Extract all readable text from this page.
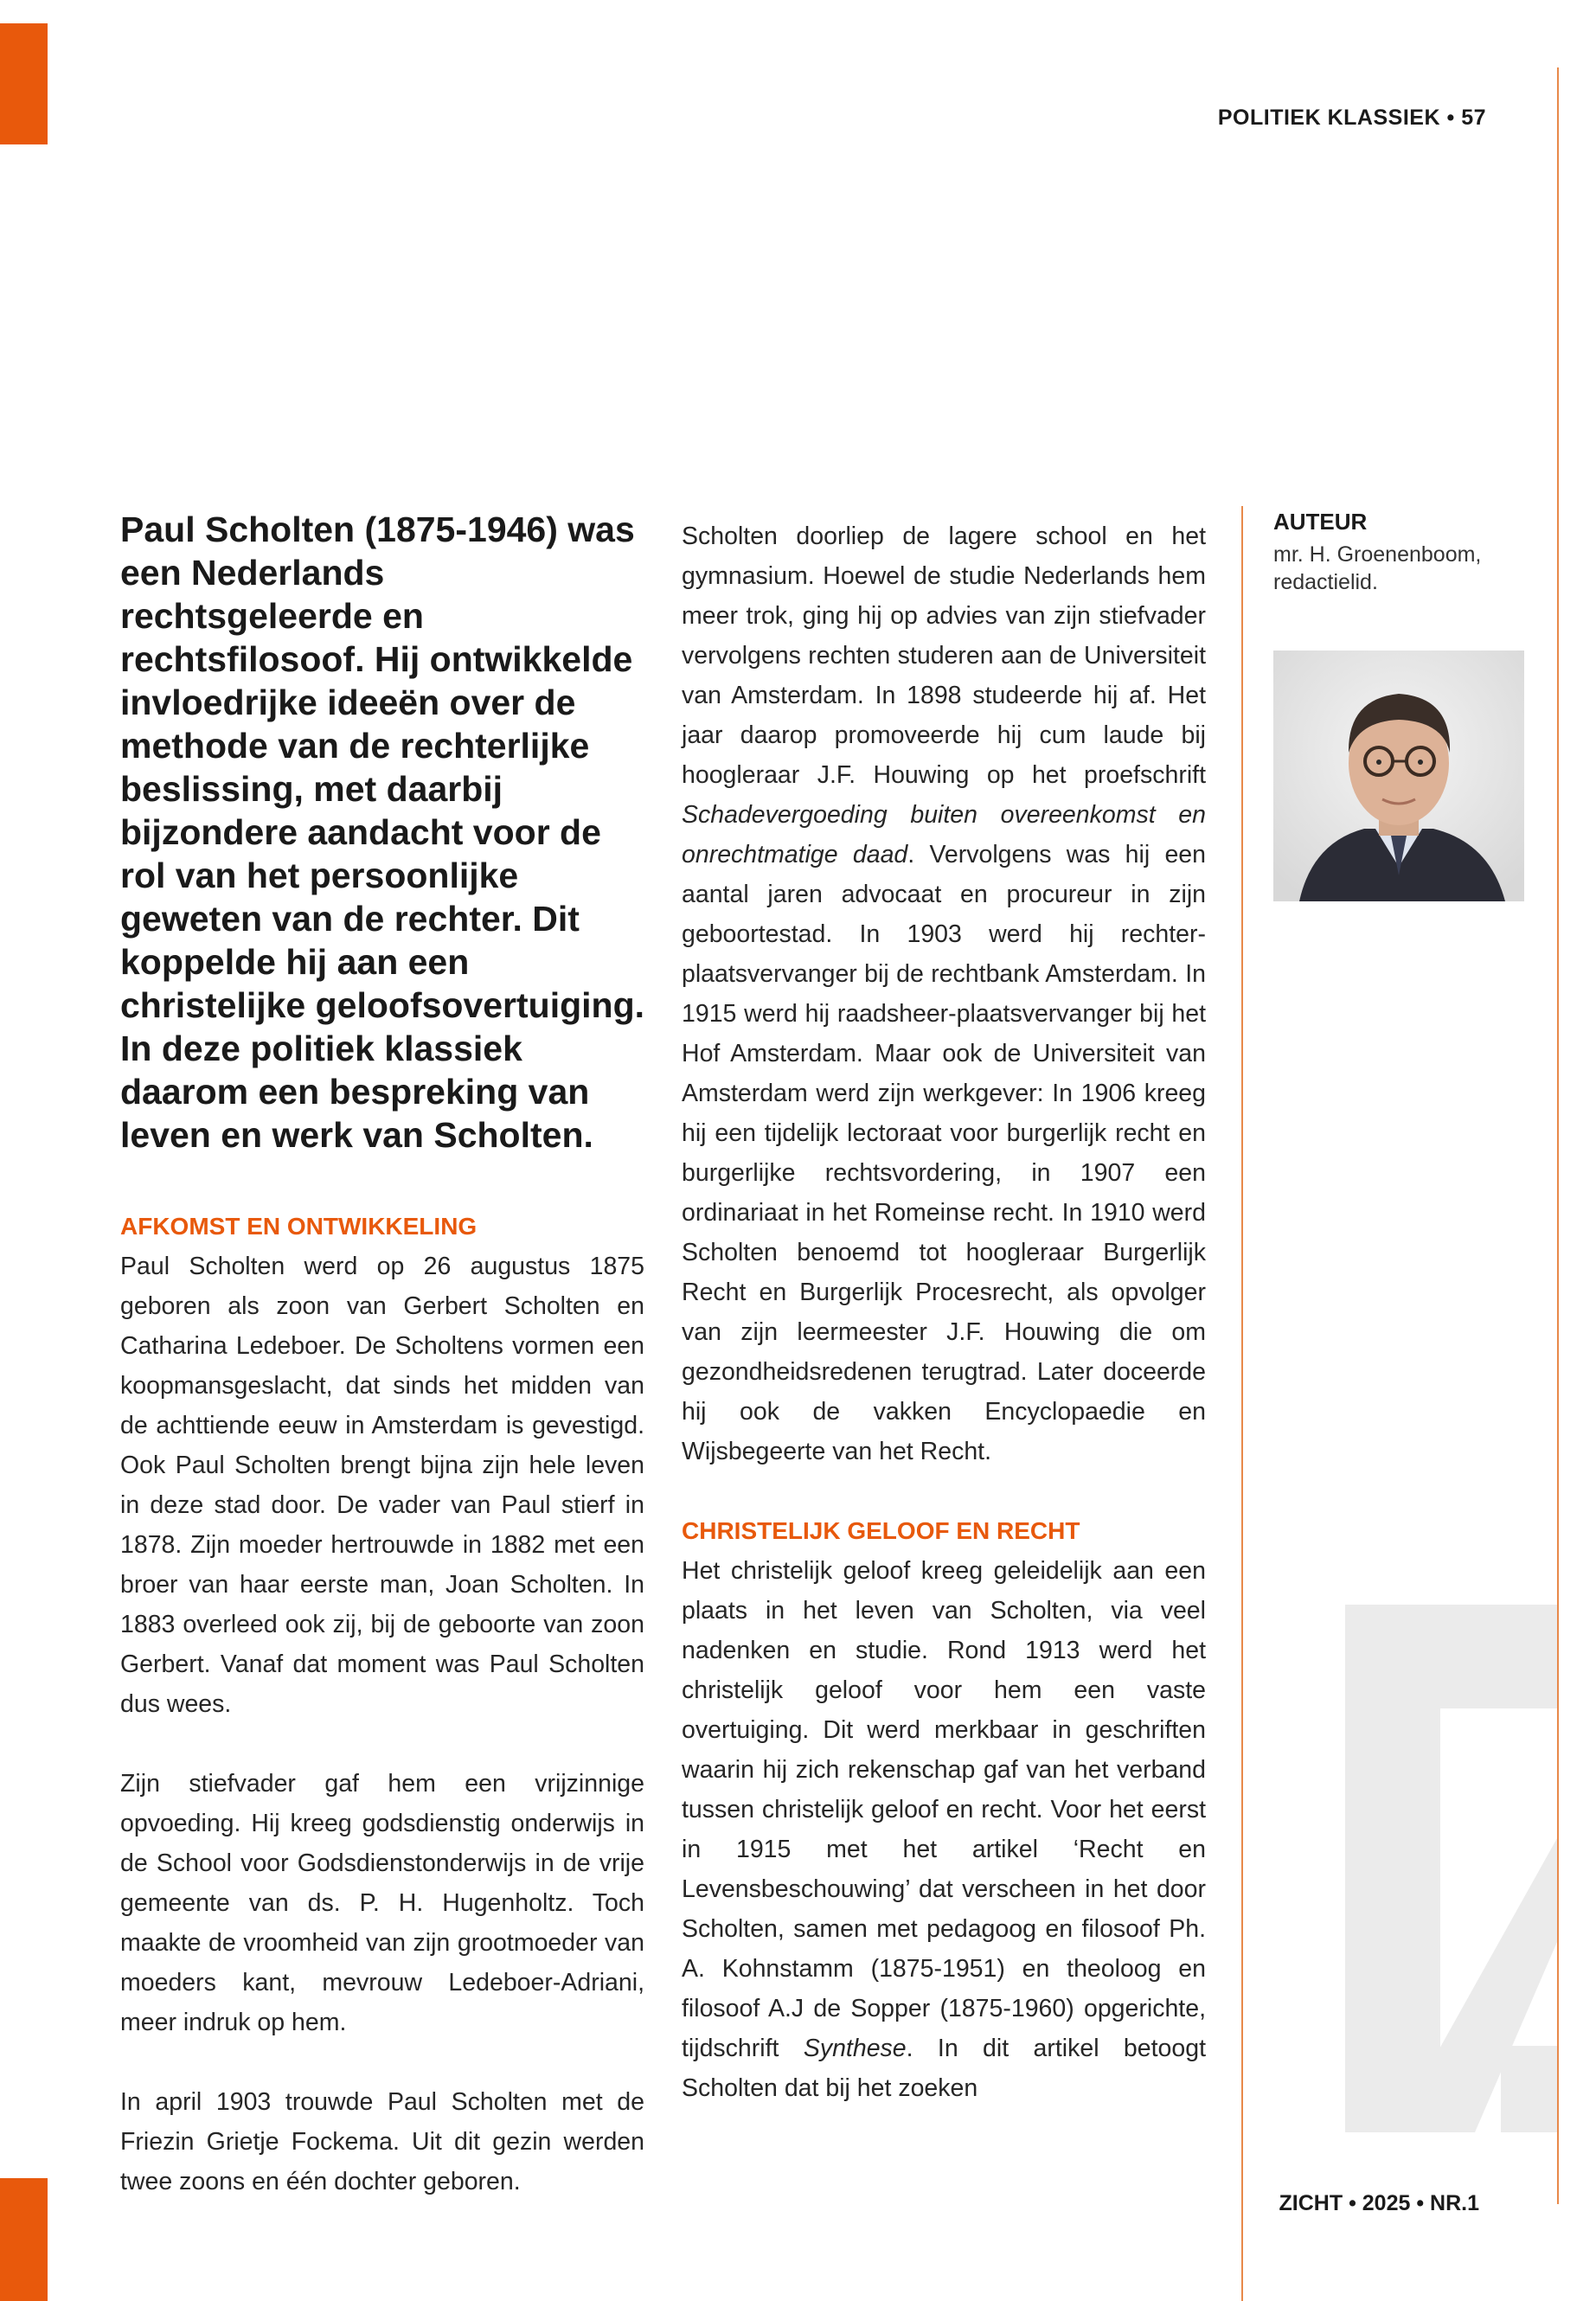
POLITIEK KLASSIEK • 57

Paul Scholten (1875-1946) was een Nederlands rechtsgeleerde en rechtsfilosoof. Hij ontwikkelde invloedrijke ideeën over de methode van de rechterlijke beslissing, met daarbij bijzondere aandacht voor de rol van het persoonlijke geweten van de rechter. Dit koppelde hij aan een christelijke geloofsovertuiging. In deze politiek klassiek daarom een bespreking van leven en werk van Scholten.

AFKOMST EN ONTWIKKELING

Paul Scholten werd op 26 augustus 1875 geboren als zoon van Gerbert Scholten en Catharina Ledeboer. De Scholtens vormen een koopmansgeslacht, dat sinds het midden van de achttiende eeuw in Amsterdam is gevestigd. Ook Paul Scholten brengt bijna zijn hele leven in deze stad door. De vader van Paul stierf in 1878. Zijn moeder hertrouwde in 1882 met een broer van haar eerste man, Joan Scholten. In 1883 overleed ook zij, bij de geboorte van zoon Gerbert. Vanaf dat moment was Paul Scholten dus wees.

Zijn stiefvader gaf hem een vrijzinnige opvoeding. Hij kreeg godsdienstig onderwijs in de School voor Godsdienstonderwijs in de vrije gemeente van ds. P. H. Hugenholtz. Toch maakte de vroomheid van zijn grootmoeder van moeders kant, mevrouw Ledeboer-Adriani, meer indruk op hem.

In april 1903 trouwde Paul Scholten met de Friezin Grietje Fockema. Uit dit gezin werden twee zoons en één dochter geboren.

Scholten doorliep de lagere school en het gymnasium. Hoewel de studie Nederlands hem meer trok, ging hij op advies van zijn stiefvader vervolgens rechten studeren aan de Universiteit van Amsterdam. In 1898 studeerde hij af. Het jaar daarop promoveerde hij cum laude bij hoogleraar J.F. Houwing op het proefschrift Schadevergoeding buiten overeenkomst en onrechtmatige daad. Vervolgens was hij een aantal jaren advocaat en procureur in zijn geboortestad. In 1903 werd hij rechter-plaatsvervanger bij de rechtbank Amsterdam. In 1915 werd hij raadsheer-plaatsvervanger bij het Hof Amsterdam. Maar ook de Universiteit van Amsterdam werd zijn werkgever: In 1906 kreeg hij een tijdelijk lectoraat voor burgerlijk recht en burgerlijke rechtsvordering, in 1907 een ordinariaat in het Romeinse recht. In 1910 werd Scholten benoemd tot hoogleraar Burgerlijk Recht en Burgerlijk Procesrecht, als opvolger van zijn leermeester J.F. Houwing die om gezondheidsredenen terugtrad. Later doceerde hij ook de vakken Encyclopaedie en Wijsbegeerte van het Recht.

CHRISTELIJK GELOOF EN RECHT

Het christelijk geloof kreeg geleidelijk aan een plaats in het leven van Scholten, via veel nadenken en studie. Rond 1913 werd het christelijk geloof voor hem een vaste overtuiging. Dit werd merkbaar in geschriften waarin hij zich rekenschap gaf van het verband tussen christelijk geloof en recht. Voor het eerst in 1915 met het artikel ‘Recht en Levensbeschouwing’ dat verscheen in het door Scholten, samen met pedagoog en filosoof Ph. A. Kohnstamm (1875-1951) en theoloog en filosoof A.J de Sopper (1875-1960) opgerichte, tijdschrift Synthese. In dit artikel betoogt Scholten dat bij het zoeken

AUTEUR
mr. H. Groenenboom, redactielid.
ZICHT • 2025 • NR.1
